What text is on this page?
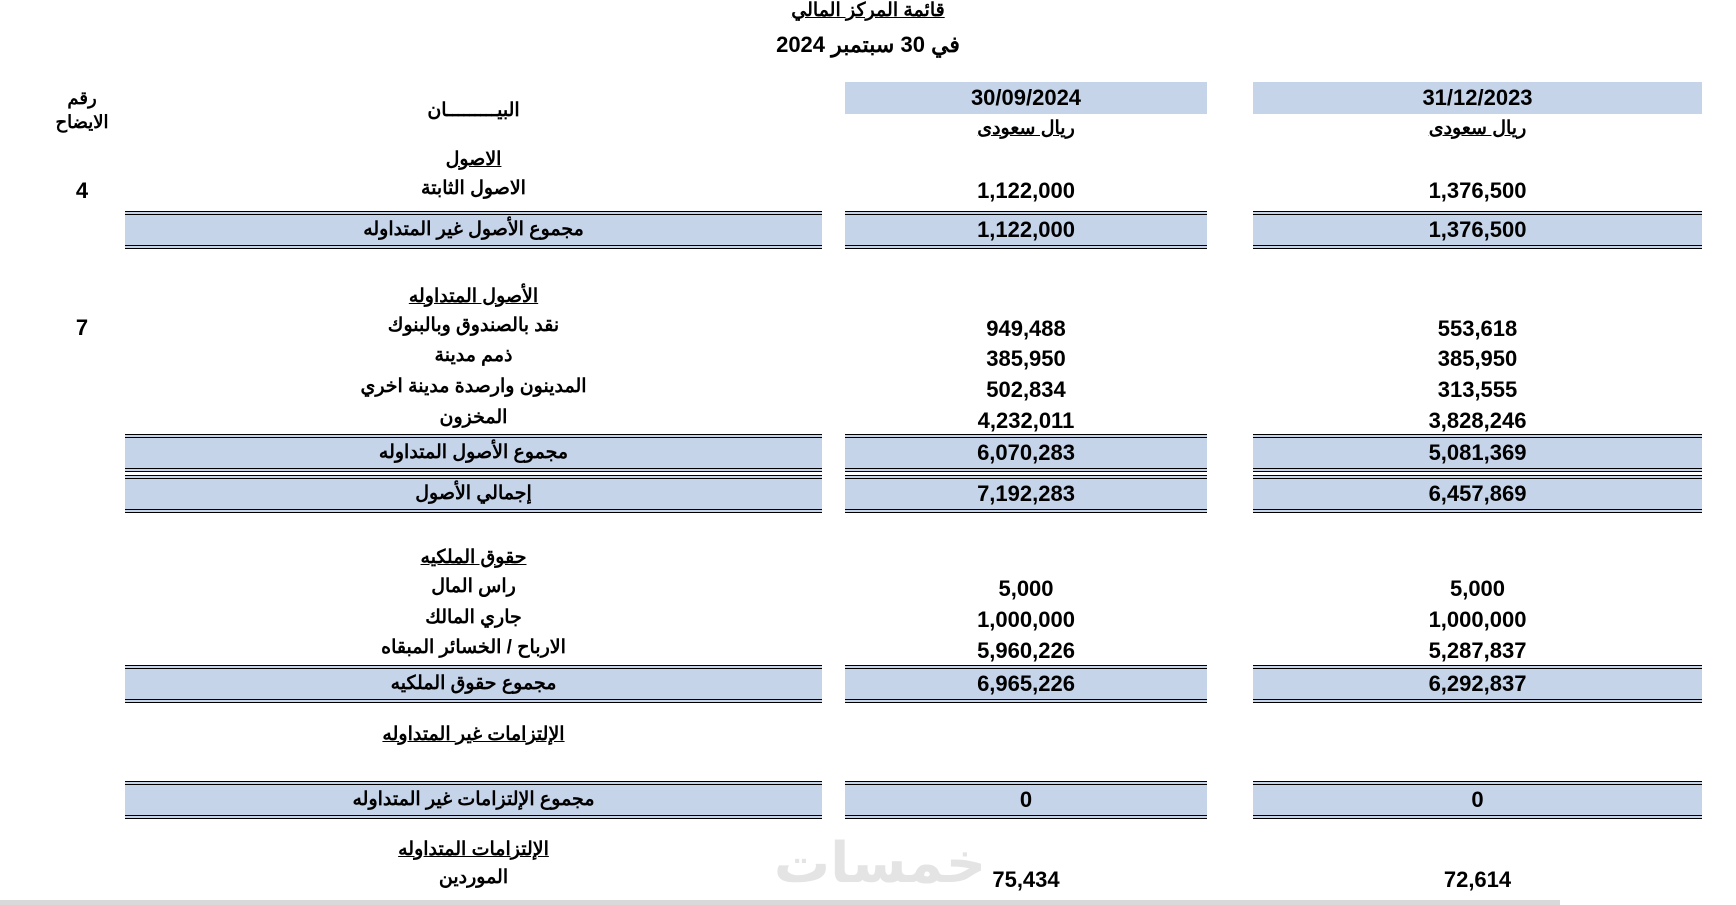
قائمة المركز المالي
في 30 سبتمبر 2024
رقم الايضاح
البيـــــــــان
30/09/2024	31/12/2023
ريال سعودى	ريال سعودى
الاصول
4	الاصول الثابتة	1,122,000	1,376,500
مجموع الأصول غير المتداوله	1,122,000	1,376,500
الأصول المتداوله
7	نقد بالصندوق وبالبنوك	949,488	553,618
ذمم مدينة	385,950	385,950
المدينون وارصدة مدينة اخري	502,834	313,555
المخزون	4,232,011	3,828,246
مجموع الأصول المتداوله	6,070,283	5,081,369
إجمالي الأصول	7,192,283	6,457,869
حقوق الملكيه
راس المال	5,000	5,000
جاري المالك	1,000,000	1,000,000
الارباح / الخسائر المبقاه	5,960,226	5,287,837
مجموع حقوق الملكيه	6,965,226	6,292,837
الإلتزامات غير المتداوله
مجموع الإلتزامات غير المتداوله	0	0
الإلتزامات المتداوله
الموردين	75,434	72,614
خمسات
